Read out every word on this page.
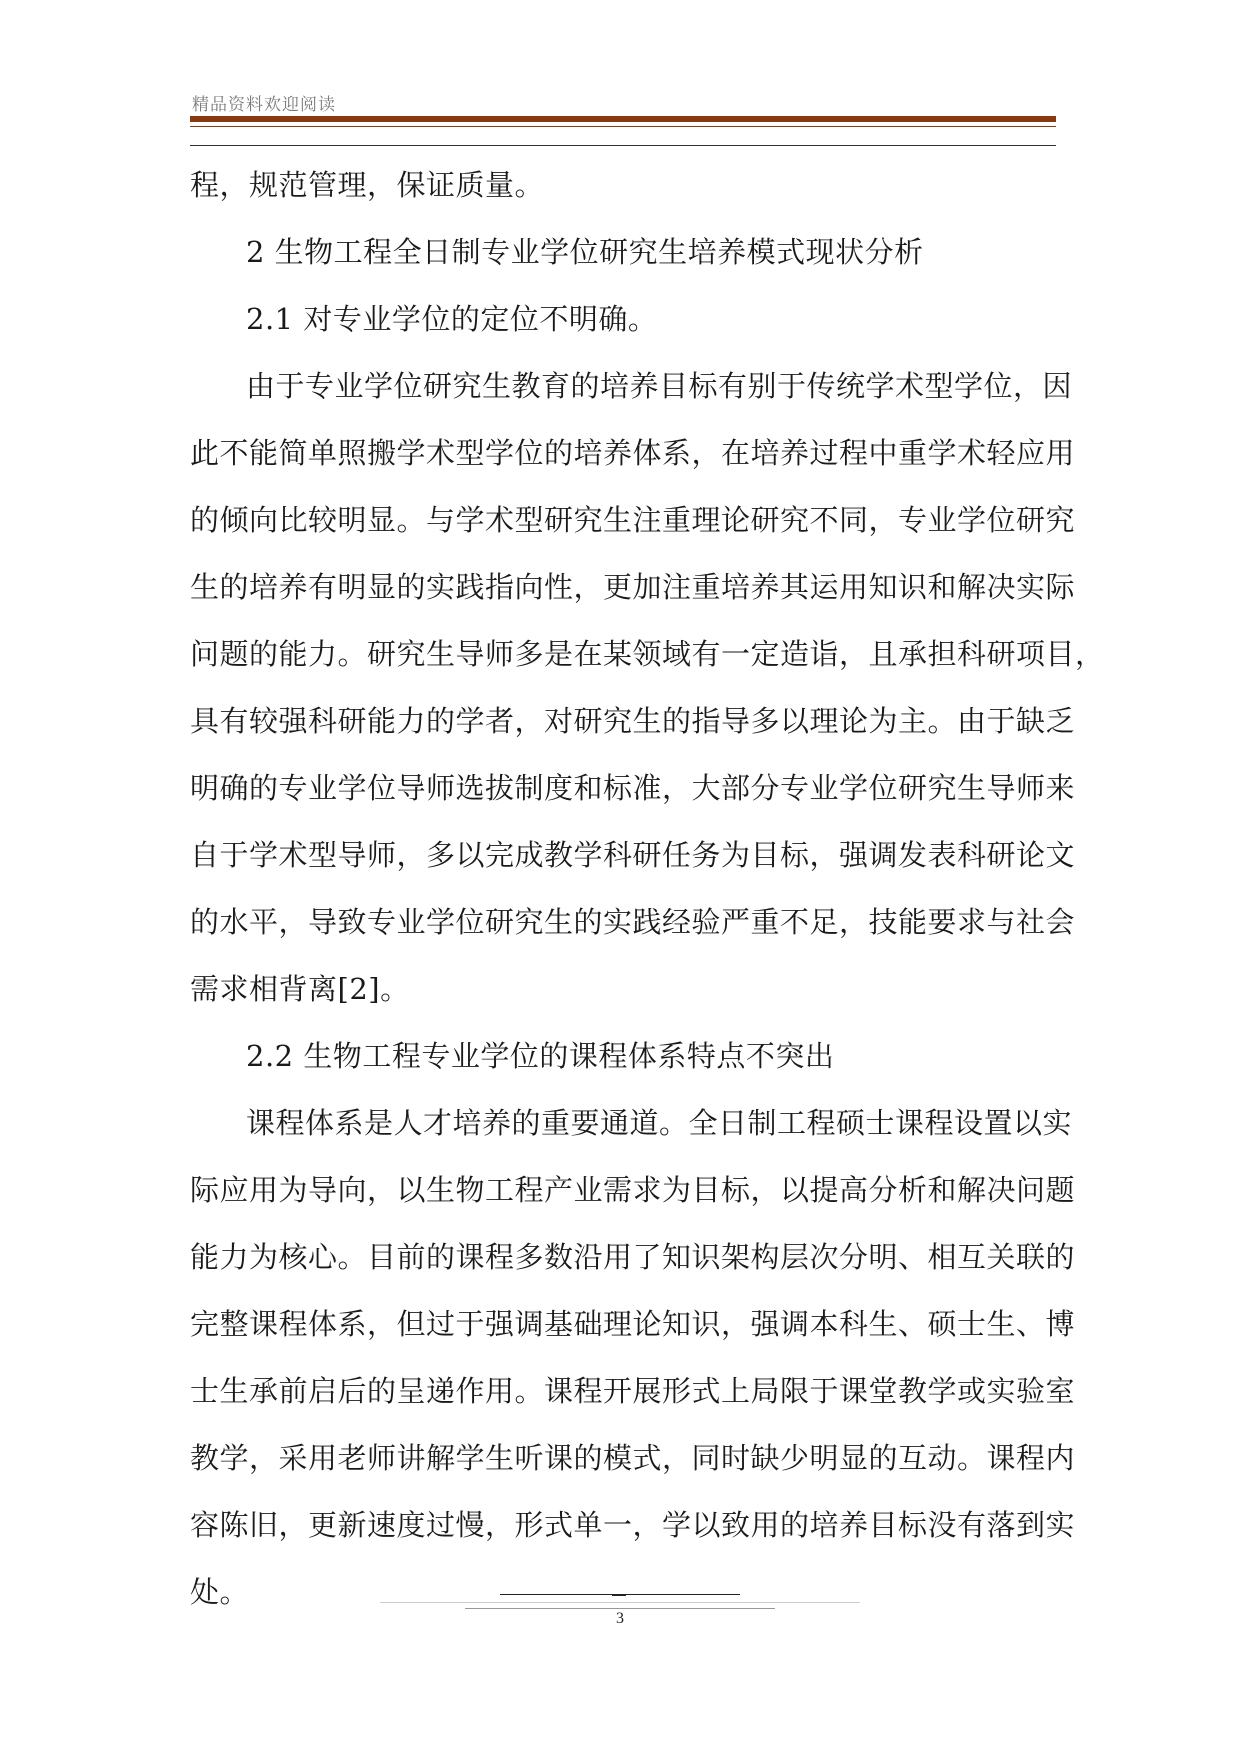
精品资料欢迎阅读
程，规范管理，保证质量。
2 生物工程全日制专业学位研究生培养模式现状分析
2.1 对专业学位的定位不明确。
由于专业学位研究生教育的培养目标有别于传统学术型学位，因
此不能简单照搬学术型学位的培养体系，在培养过程中重学术轻应用
的倾向比较明显。与学术型研究生注重理论研究不同，专业学位研究
生的培养有明显的实践指向性，更加注重培养其运用知识和解决实际
问题的能力。研究生导师多是在某领域有一定造诣，且承担科研项目，
具有较强科研能力的学者，对研究生的指导多以理论为主。由于缺乏
明确的专业学位导师选拔制度和标准，大部分专业学位研究生导师来
自于学术型导师，多以完成教学科研任务为目标，强调发表科研论文
的水平，导致专业学位研究生的实践经验严重不足，技能要求与社会
需求相背离[2]。
2.2 生物工程专业学位的课程体系特点不突出
课程体系是人才培养的重要通道。全日制工程硕士课程设置以实
际应用为导向，以生物工程产业需求为目标，以提高分析和解决问题
能力为核心。目前的课程多数沿用了知识架构层次分明、相互关联的
完整课程体系，但过于强调基础理论知识，强调本科生、硕士生、博
士生承前启后的呈递作用。课程开展形式上局限于课堂教学或实验室
教学，采用老师讲解学生听课的模式，同时缺少明显的互动。课程内
容陈旧，更新速度过慢，形式单一，学以致用的培养目标没有落到实
处。
3
